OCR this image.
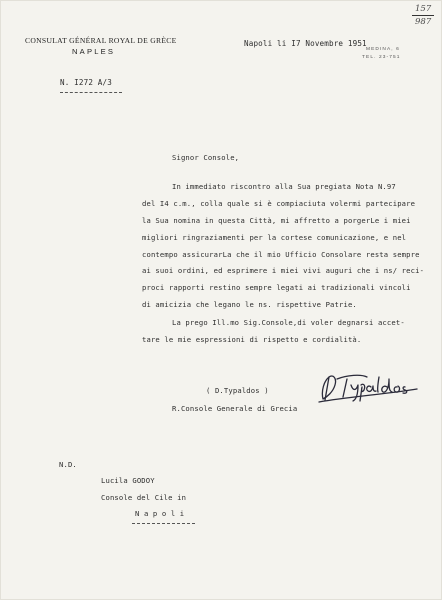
CONSULAT GÉNÉRAL ROYAL DE GRÈCE
NAPLES	MEDINA, 6
TEL. 23-751
157
987
Napoli li I7 Novembre 1951
N. I272 A/3
Signor Console,
In immediato riscontro alla Sua pregiata Nota N.97
del I4 c.m., colla quale si è compiaciuta volermi partecipare
la Sua nomina in questa Città, mi affretto a porgerLe i miei
migliori ringraziamenti per la cortese comunicazione, e nel
contempo assicurarLa che il mio Ufficio Consolare resta sempre
ai suoi ordini, ed esprimere i miei vivi auguri che i ns/ reci-
proci rapporti restino sempre legati ai tradizionali vincoli
di amicizia che legano le ns. rispettive Patrie.
La prego Ill.mo Sig.Console,di voler degnarsi accet-
tare le mie espressioni di rispetto e cordialità.

( D.Typaldos )
R.Console Generale di Grecia
N.D.
Lucila GODOY
Console del Cile in
N a p o l i
